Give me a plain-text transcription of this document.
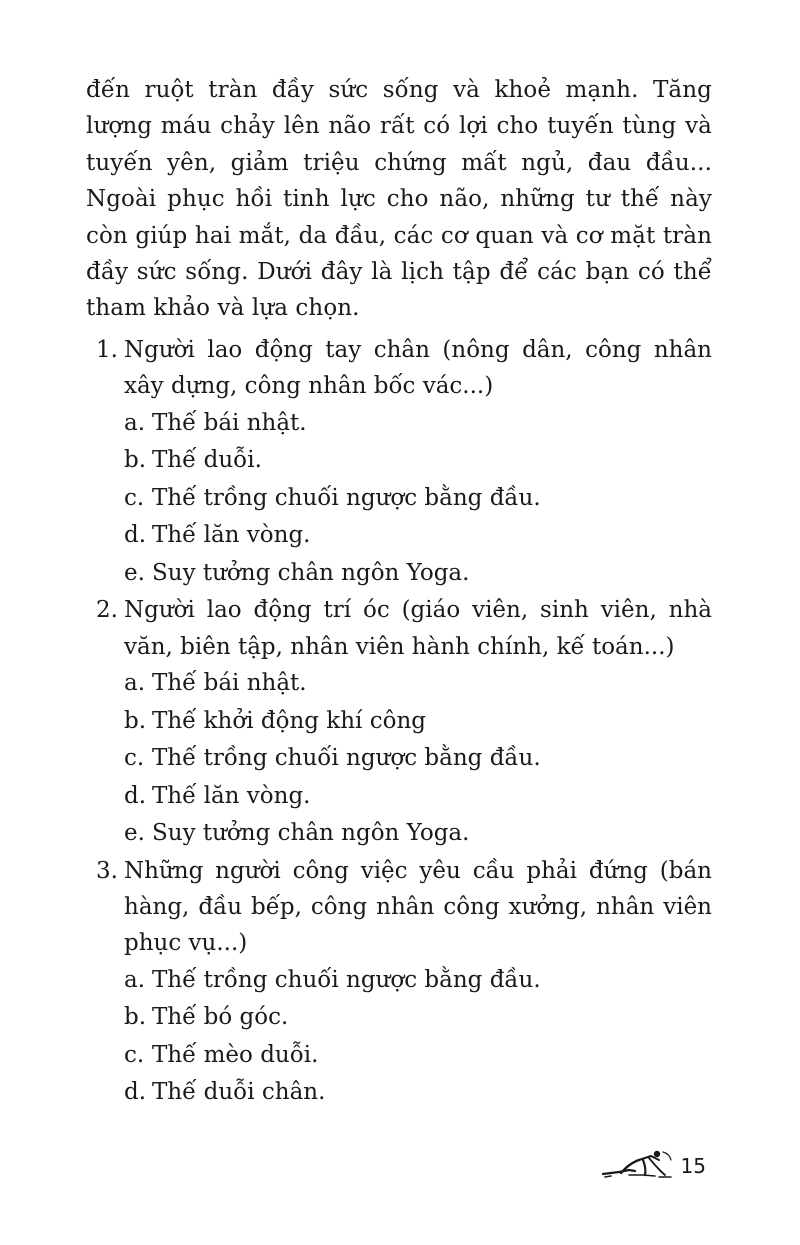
đến ruột tràn đầy sức sống và khoẻ mạnh. Tăng lượng máu chảy lên não rất có lợi cho tuyến tùng và tuyến yên, giảm triệu chứng mất ngủ, đau đầu... Ngoài phục hồi tinh lực cho não, những tư thế này còn giúp hai mắt, da đầu, các cơ quan và cơ mặt tràn đầy sức sống. Dưới đây là lịch tập để các bạn có thể tham khảo và lựa chọn.

1. Người lao động tay chân (nông dân, công nhân xây dựng, công nhân bốc vác...)

a. Thế bái nhật.
b. Thế duỗi.
c. Thế trồng chuối ngược bằng đầu.
d. Thế lăn vòng.
e. Suy tưởng chân ngôn Yoga.

2. Người lao động trí óc (giáo viên, sinh viên, nhà văn, biên tập, nhân viên hành chính, kế toán...)

a. Thế bái nhật.
b. Thế khởi động khí công
c. Thế trồng chuối ngược bằng đầu.
d. Thế lăn vòng.
e. Suy tưởng chân ngôn Yoga.

3. Những người công việc yêu cầu phải đứng (bán hàng, đầu bếp, công nhân công xưởng, nhân viên phục vụ...)

a. Thế trồng chuối ngược bằng đầu.
b. Thế bó góc.
c. Thế mèo duỗi.
d. Thế duỗi chân.
15
